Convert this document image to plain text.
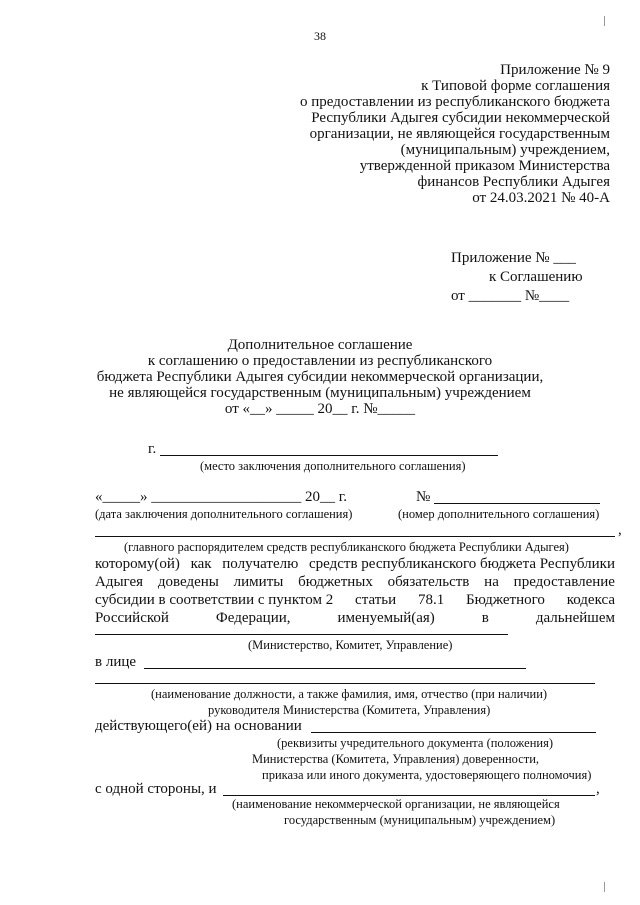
38
Приложение № 9
к Типовой форме соглашения
о предоставлении из республиканского бюджета
Республики Адыгея субсидии некоммерческой
организации, не являющейся государственным
(муниципальным) учреждением,
утвержденной приказом Министерства
финансов Республики Адыгея
от 24.03.2021 № 40-А
Приложение № ___
к Соглашению
от _______ №____
Дополнительное соглашение
к соглашению о предоставлении из республиканского
бюджета Республики Адыгея субсидии некоммерческой организации,
не являющейся государственным (муниципальным) учреждением
от «__» _____ 20__ г. №_____
г.
(место заключения дополнительного соглашения)
«_____» ____________________ 20__ г.	№
(дата заключения дополнительного соглашения)	(номер дополнительного соглашения)
,
(главного распорядителем средств республиканского бюджета Республики Адыгея)
которому(ой) как получателю средств республиканского бюджета Республики
Адыгея доведены лимиты бюджетных обязательств на предоставление
субсидии в соответствии с пунктом 2 статьи 78.1 Бюджетного кодекса
Российской	Федерации,	именуемый(ая)	в	дальнейшем
(Министерство, Комитет, Управление)
в лице
(наименование должности, а также фамилия, имя, отчество (при наличии)
руководителя Министерства (Комитета, Управления)
действующего(ей) на основании
(реквизиты учредительного документа (положения)
Министерства (Комитета, Управления) доверенности,
приказа или иного документа, удостоверяющего полномочия)
с одной стороны, и	,
(наименование некоммерческой организации, не являющейся
государственным (муниципальным) учреждением)
